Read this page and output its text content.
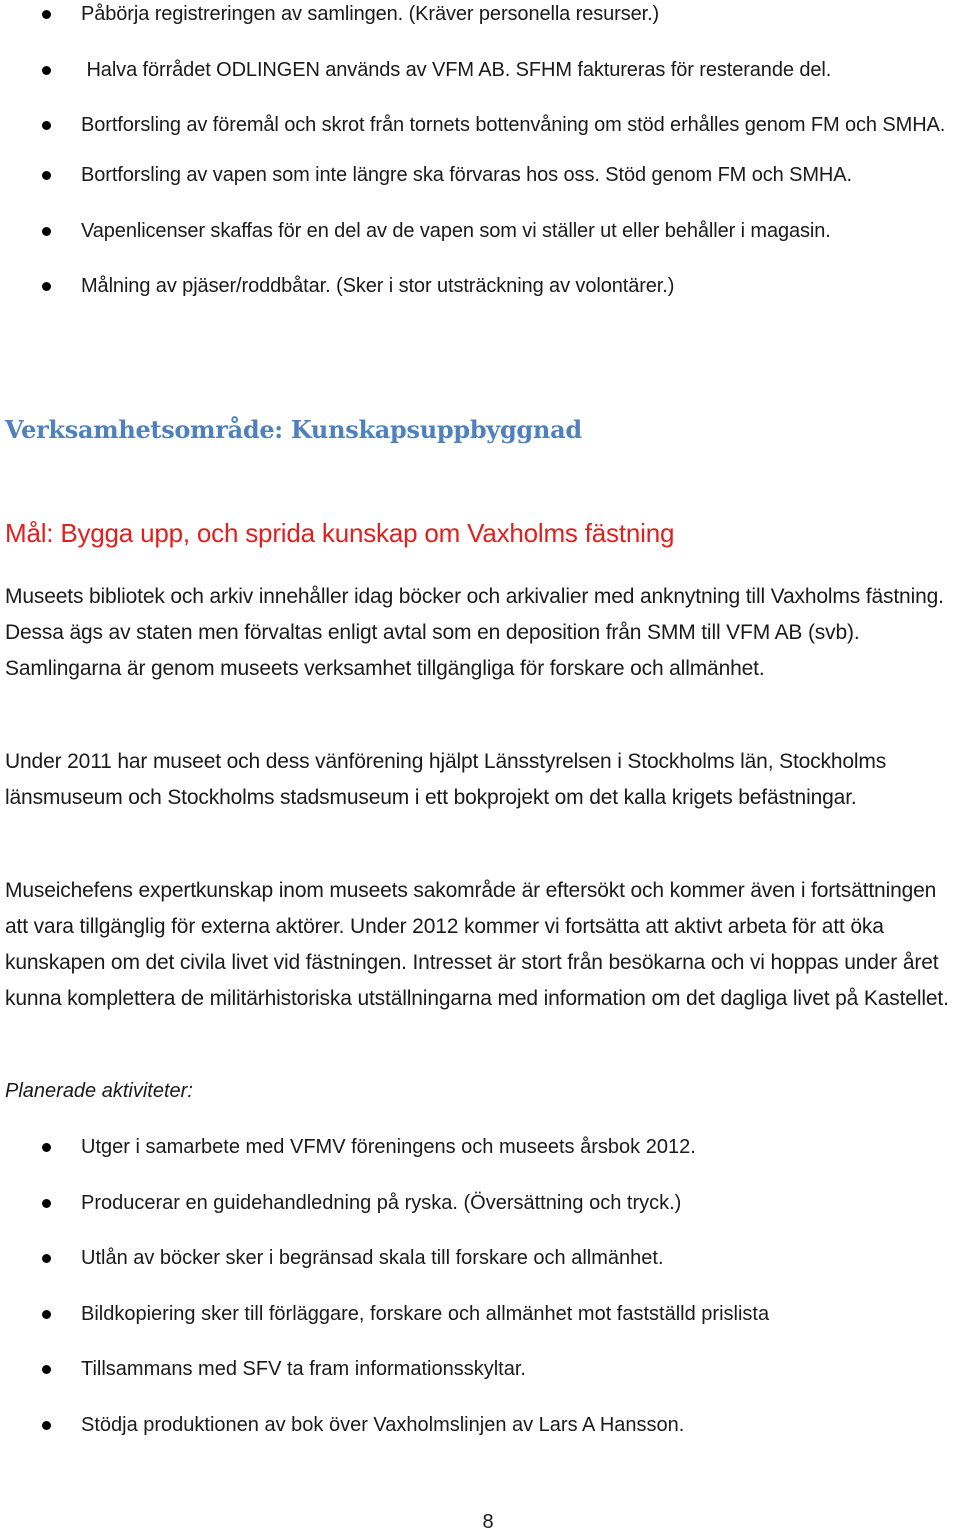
Påbörja registreringen av samlingen. (Kräver personella resurser.)
Halva förrådet ODLINGEN används av VFM AB. SFHM faktureras för resterande del.
Bortforsling av föremål och skrot från tornets bottenvåning om stöd erhålles genom FM och SMHA.
Bortforsling av vapen som inte längre ska förvaras hos oss. Stöd genom FM och SMHA.
Vapenlicenser skaffas för en del av de vapen som vi ställer ut eller behåller i magasin.
Målning av pjäser/roddbåtar. (Sker i stor utsträckning av volontärer.)
Verksamhetsområde: Kunskapsuppbyggnad
Mål: Bygga upp, och sprida kunskap om Vaxholms fästning

Museets bibliotek och arkiv innehåller idag böcker och arkivalier med anknytning till Vaxholms fästning. Dessa ägs av staten men förvaltas enligt avtal som en deposition från SMM till VFM AB (svb). Samlingarna är genom museets verksamhet tillgängliga för forskare och allmänhet.

Under 2011 har museet och dess vänförening hjälpt Länsstyrelsen i Stockholms län, Stockholms länsmuseum och Stockholms stadsmuseum i ett bokprojekt om det kalla krigets befästningar.

Museichefens expertkunskap inom museets sakområde är eftersökt och kommer även i fortsättningen att vara tillgänglig för externa aktörer. Under 2012 kommer vi fortsätta att aktivt arbeta för att öka kunskapen om det civila livet vid fästningen. Intresset är stort från besökarna och vi hoppas under året kunna komplettera de militärhistoriska utställningarna med information om det dagliga livet på Kastellet.

Planerade aktiviteter:

Utger i samarbete med VFMV föreningens och museets årsbok 2012.
Producerar en guidehandledning på ryska. (Översättning och tryck.)
Utlån av böcker sker i begränsad skala till forskare och allmänhet.
Bildkopiering sker till förläggare, forskare och allmänhet mot fastställd prislista
Tillsammans med SFV ta fram informationsskyltar.
Stödja produktionen av bok över Vaxholmslinjen av Lars A Hansson.
8
